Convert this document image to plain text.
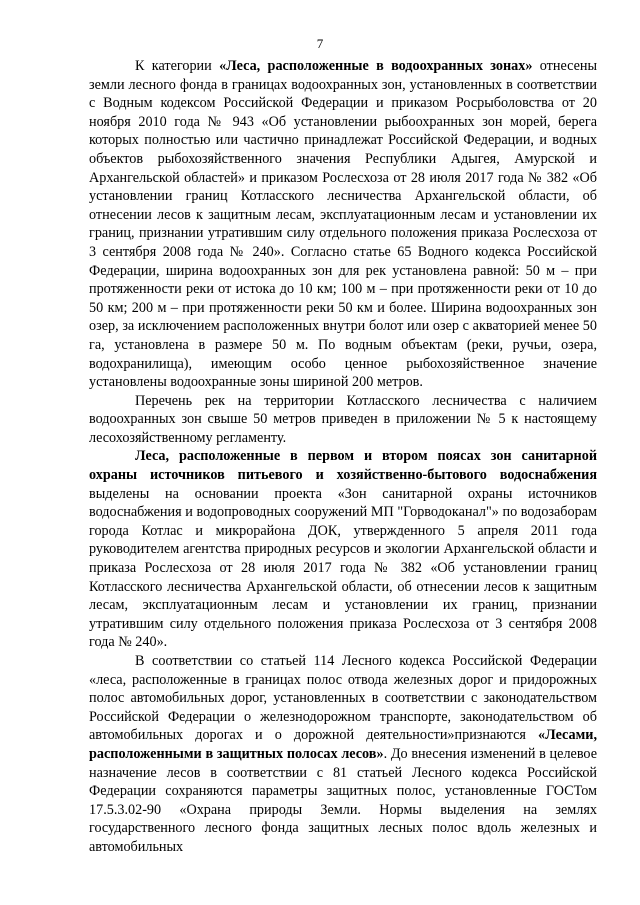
7

К категории «Леса, расположенные в водоохранных зонах» отнесены земли лесного фонда в границах водоохранных зон, установленных в соответствии с Водным кодексом Российской Федерации и приказом Росрыболовства от 20 ноября 2010 года № 943 «Об установлении рыбоохранных зон морей, берега которых полностью или частично принадлежат Российской Федерации, и водных объектов рыбохозяйственного значения Республики Адыгея, Амурской и Архангельской областей» и приказом Рослесхоза от 28 июля 2017 года № 382 «Об установлении границ Котласского лесничества Архангельской области, об отнесении лесов к защитным лесам, эксплуатационным лесам и установлении их границ, признании утратившим силу отдельного положения приказа Рослесхоза от 3 сентября 2008 года № 240». Согласно статье 65 Водного кодекса Российской Федерации, ширина водоохранных зон для рек установлена равной: 50 м – при протяженности реки от истока до 10 км; 100 м – при протяженности реки от 10 до 50 км; 200 м – при протяженности реки 50 км и более. Ширина водоохранных зон озер, за исключением расположенных внутри болот или озер с акваторией менее 50 га, установлена в размере 50 м. По водным объектам (реки, ручьи, озера, водохранилища), имеющим особо ценное рыбохозяйственное значение установлены водоохранные зоны шириной 200 метров.

Перечень рек на территории Котласского лесничества с наличием водоохранных зон свыше 50 метров приведен в приложении № 5 к настоящему лесохозяйственному регламенту.

Леса, расположенные в первом и втором поясах зон санитарной охраны источников питьевого и хозяйственно-бытового водоснабжения выделены на основании проекта «Зон санитарной охраны источников водоснабжения и водопроводных сооружений МП "Горводоканал"» по водозаборам города Котлас и микрорайона ДОК, утвержденного 5 апреля 2011 года руководителем агентства природных ресурсов и экологии Архангельской области и приказа Рослесхоза от 28 июля 2017 года № 382 «Об установлении границ Котласского лесничества Архангельской области, об отнесении лесов к защитным лесам, эксплуатационным лесам и установлении их границ, признании утратившим силу отдельного положения приказа Рослесхоза от 3 сентября 2008 года № 240».

В соответствии со статьей 114 Лесного кодекса Российской Федерации «леса, расположенные в границах полос отвода железных дорог и придорожных полос автомобильных дорог, установленных в соответствии с законодательством Российской Федерации о железнодорожном транспорте, законодательством об автомобильных дорогах и о дорожной деятельности»признаются «Лесами, расположенными в защитных полосах лесов». До внесения изменений в целевое назначение лесов в соответствии с 81 статьей Лесного кодекса Российской Федерации сохраняются параметры защитных полос, установленные ГОСТом 17.5.3.02-90 «Охрана природы Земли. Нормы выделения на землях государственного лесного фонда защитных лесных полос вдоль железных и автомобильных
